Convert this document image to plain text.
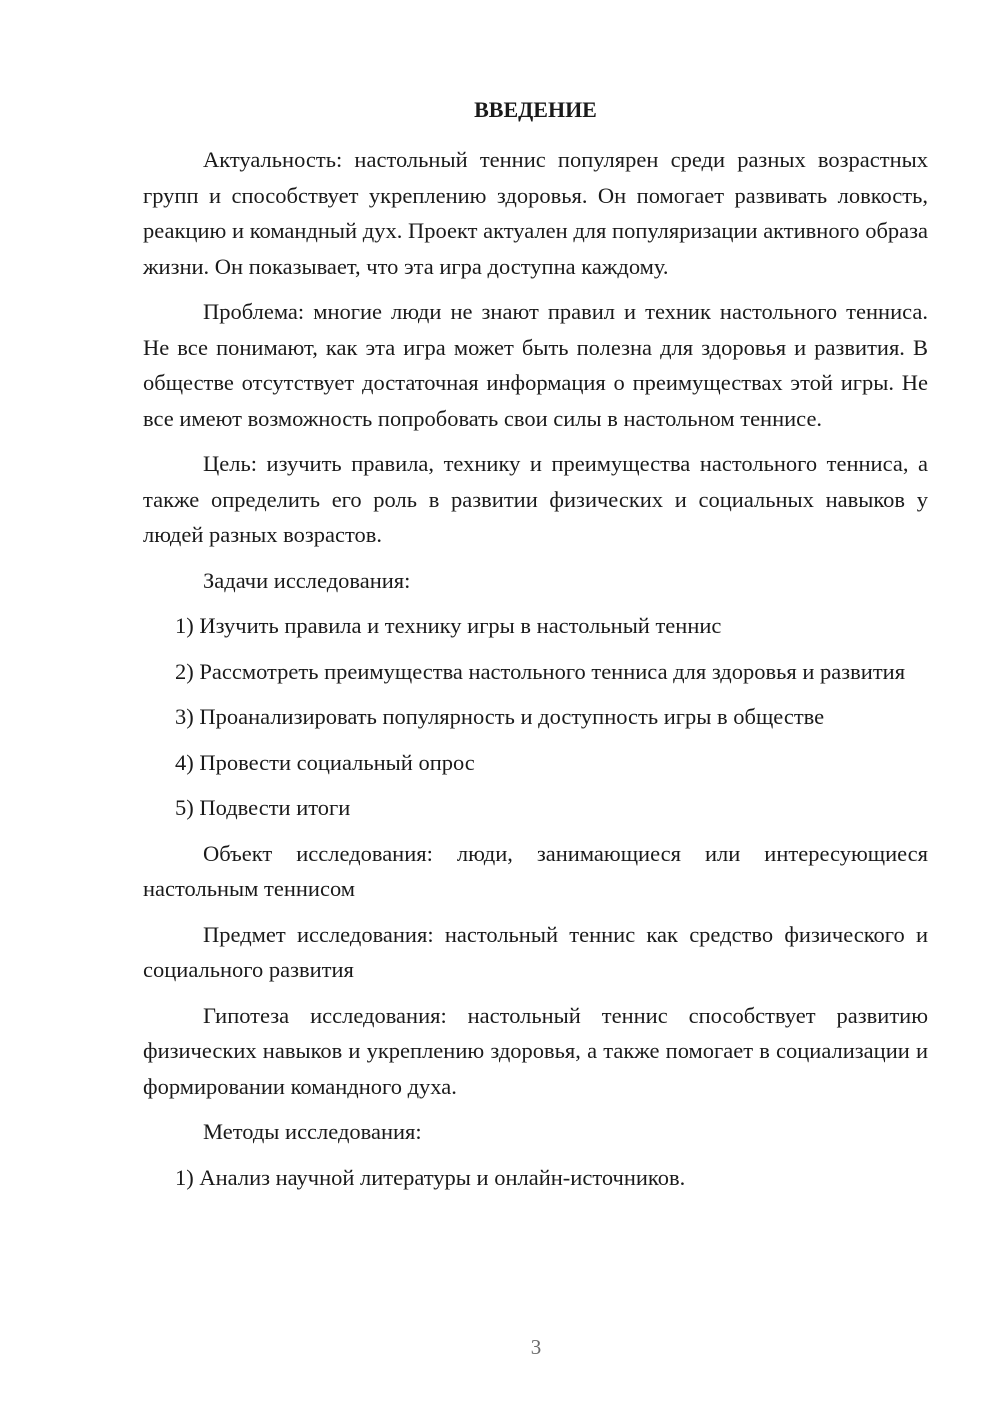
ВВЕДЕНИЕ

Актуальность: настольный теннис популярен среди разных возрастных групп и способствует укреплению здоровья. Он помогает развивать ловкость, реакцию и командный дух. Проект актуален для популяризации активного образа жизни. Он показывает, что эта игра доступна каждому.

Проблема: многие люди не знают правил и техник настольного тенниса. Не все понимают, как эта игра может быть полезна для здоровья и развития. В обществе отсутствует достаточная информация о преимуществах этой игры. Не все имеют возможность попробовать свои силы в настольном теннисе.

Цель: изучить правила, технику и преимущества настольного тенниса, а также определить его роль в развитии физических и социальных навыков у людей разных возрастов.

Задачи исследования:

1) Изучить правила и технику игры в настольный теннис

2) Рассмотреть преимущества настольного тенниса для здоровья и развития

3) Проанализировать популярность и доступность игры в обществе

4) Провести социальный опрос

5) Подвести итоги

Объект исследования: люди, занимающиеся или интересующиеся настольным теннисом

Предмет исследования: настольный теннис как средство физического и социального развития

Гипотеза исследования: настольный теннис способствует развитию физических навыков и укреплению здоровья, а также помогает в социализации и формировании командного духа.

Методы исследования:

1) Анализ научной литературы и онлайн-источников.

3
